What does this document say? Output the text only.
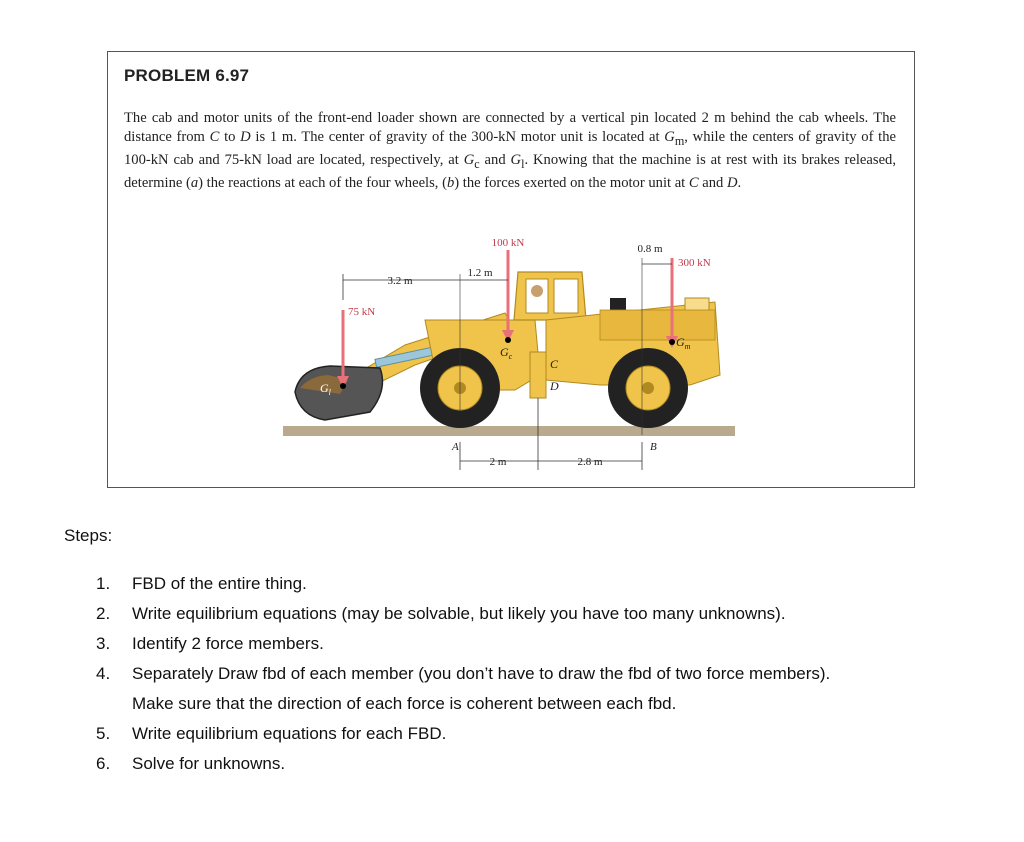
PROBLEM 6.97
The cab and motor units of the front-end loader shown are connected by a vertical pin located 2 m behind the cab wheels. The distance from C to D is 1 m. The center of gravity of the 300-kN motor unit is located at $G_m$, while the centers of gravity of the 100-kN cab and 75-kN load are located, respectively, at $G_c$ and $G_l$. Knowing that the machine is at rest with its brakes released, determine (a) the reactions at each of the four wheels, (b) the forces exerted on the motor unit at C and D.
100 kN
300 kN
75 kN
3.2 m
1.2 m
0.8 m
2 m	2.8 m
A	B
C
D
$G_c$
$G_m$
$G_l$
Steps:
1. FBD of the entire thing.
2. Write equilibrium equations (may be solvable, but likely you have too many unknowns).
3. Identify 2 force members.
4. Separately Draw fbd of each member (you don’t have to draw the fbd of two force members).
Make sure that the direction of each force is coherent between each fbd.
5. Write equilibrium equations for each FBD.
6. Solve for unknowns.
